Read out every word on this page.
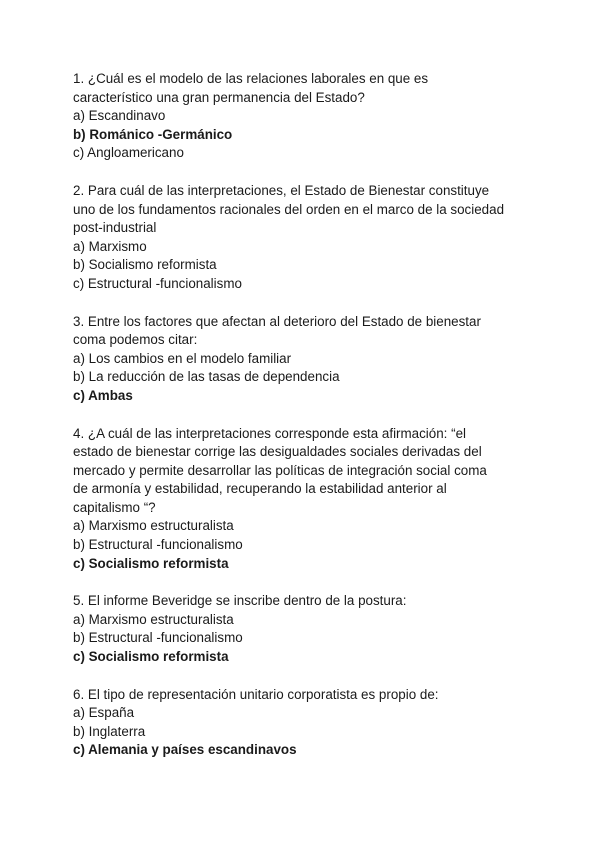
1. ¿Cuál es el modelo de las relaciones laborales en que es
característico una gran permanencia del Estado?
a) Escandinavo
b) Románico -Germánico
c) Angloamericano
2. Para cuál de las interpretaciones, el Estado de Bienestar constituye
uno de los fundamentos racionales del orden en el marco de la sociedad
post-industrial
a) Marxismo
b) Socialismo reformista
c) Estructural -funcionalismo
3. Entre los factores que afectan al deterioro del Estado de bienestar
coma podemos citar:
a) Los cambios en el modelo familiar
b) La reducción de las tasas de dependencia
c) Ambas
4. ¿A cuál de las interpretaciones corresponde esta afirmación: “el
estado de bienestar corrige las desigualdades sociales derivadas del
mercado y permite desarrollar las políticas de integración social coma
de armonía y estabilidad, recuperando la estabilidad anterior al
capitalismo “?
a) Marxismo estructuralista
b) Estructural -funcionalismo
c) Socialismo reformista
5. El informe Beveridge se inscribe dentro de la postura:
a) Marxismo estructuralista
b) Estructural -funcionalismo
c) Socialismo reformista
6. El tipo de representación unitario corporatista es propio de:
a) España
b) Inglaterra
c) Alemania y países escandinavos
